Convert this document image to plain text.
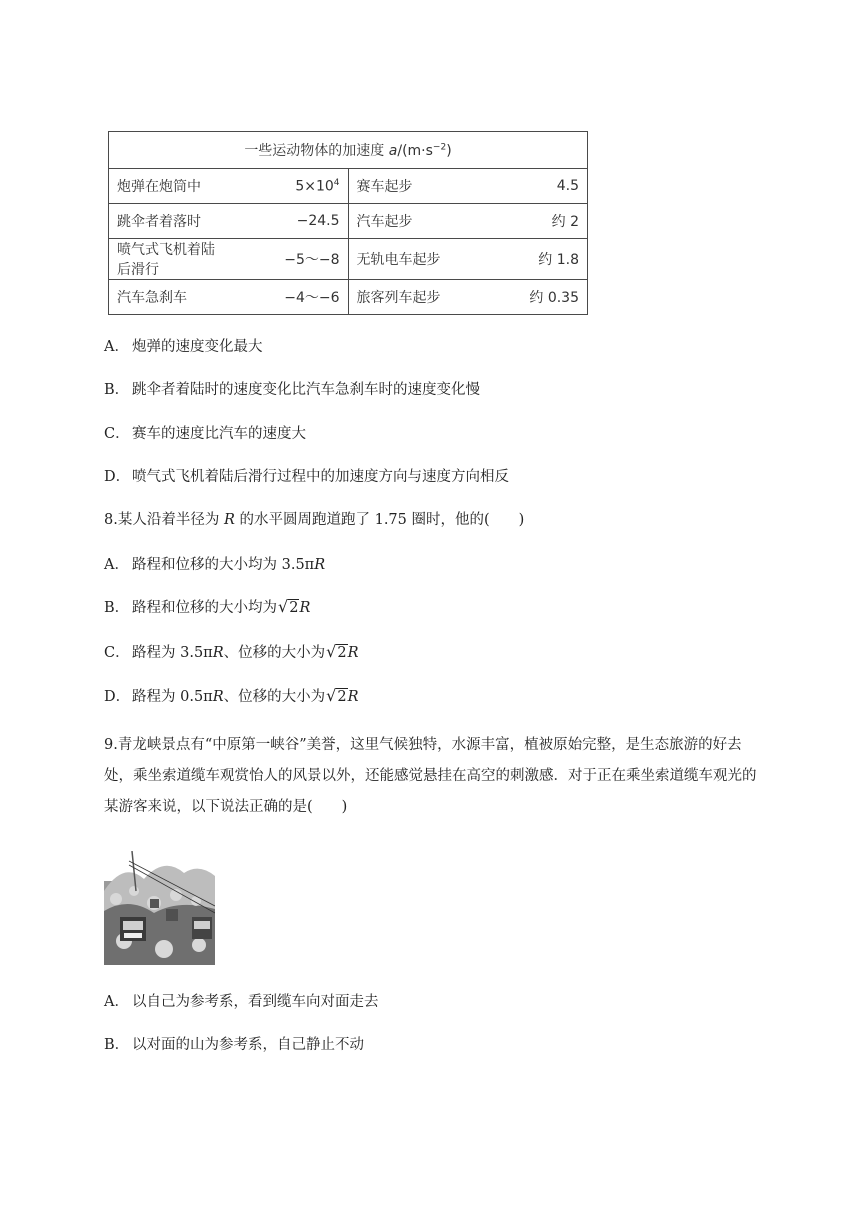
一些运动物体的加速度 $a/(m\cdot s^{-2})$			
炮弹在炮筒中	$5\times 10^4$	赛车起步	4.5
跳伞者着落时	−24.5	汽车起步	约 2
喷气式飞机着陆后滑行	−5～−8	无轨电车起步	约 1.8
汽车急刹车	−4～−6	旅客列车起步	约 0.35
A． 炮弹的速度变化最大
B． 跳伞者着陆时的速度变化比汽车急刹车时的速度变化慢
C． 赛车的速度比汽车的速度大
D． 喷气式飞机着陆后滑行过程中的加速度方向与速度方向相反
8.某人沿着半径为 R 的水平圆周跑道跑了 1.75 圈时，他的(　　)
A． 路程和位移的大小均为 3.5πR
B． 路程和位移的大小均为√2R
C． 路程为 3.5πR、位移的大小为√2R
D． 路程为 0.5πR、位移的大小为√2R
9.青龙峡景点有“中原第一峡谷”美誉，这里气候独特，水源丰富，植被原始完整，是生态旅游的好去处，乘坐索道缆车观赏怡人的风景以外，还能感觉悬挂在高空的刺激感．对于正在乘坐索道缆车观光的某游客来说，以下说法正确的是(　　)
A． 以自己为参考系，看到缆车向对面走去
B． 以对面的山为参考系，自己静止不动
